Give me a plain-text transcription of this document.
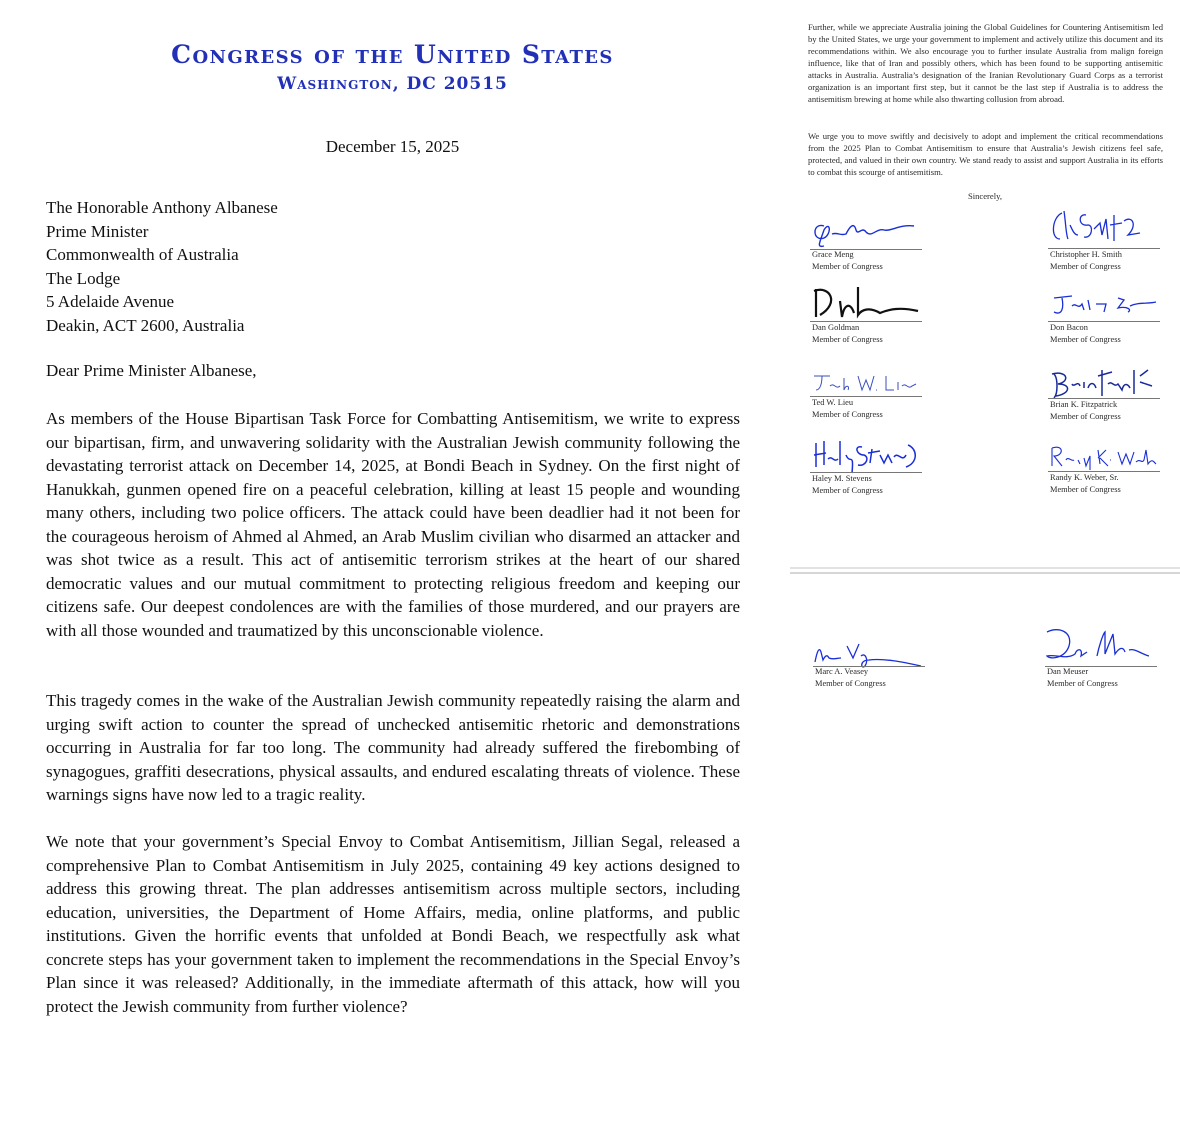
Congress of the United States
Washington, DC 20515
December 15, 2025
The Honorable Anthony Albanese
Prime Minister
Commonwealth of Australia
The Lodge
5 Adelaide Avenue
Deakin, ACT 2600, Australia
Dear Prime Minister Albanese,
As members of the House Bipartisan Task Force for Combatting Antisemitism, we write to express our bipartisan, firm, and unwavering solidarity with the Australian Jewish community following the devastating terrorist attack on December 14, 2025, at Bondi Beach in Sydney. On the first night of Hanukkah, gunmen opened fire on a peaceful celebration, killing at least 15 people and wounding many others, including two police officers. The attack could have been deadlier had it not been for the courageous heroism of Ahmed al Ahmed, an Arab Muslim civilian who disarmed an attacker and was shot twice as a result. This act of antisemitic terrorism strikes at the heart of our shared democratic values and our mutual commitment to protecting religious freedom and keeping our citizens safe. Our deepest condolences are with the families of those murdered, and our prayers are with all those wounded and traumatized by this unconscionable violence.
This tragedy comes in the wake of the Australian Jewish community repeatedly raising the alarm and urging swift action to counter the spread of unchecked antisemitic rhetoric and demonstrations occurring in Australia for far too long. The community had already suffered the firebombing of synagogues, graffiti desecrations, physical assaults, and endured escalating threats of violence. These warnings signs have now led to a tragic reality.
We note that your government’s Special Envoy to Combat Antisemitism, Jillian Segal, released a comprehensive Plan to Combat Antisemitism in July 2025, containing 49 key actions designed to address this growing threat. The plan addresses antisemitism across multiple sectors, including education, universities, the Department of Home Affairs, media, online platforms, and public institutions. Given the horrific events that unfolded at Bondi Beach, we respectfully ask what concrete steps has your government taken to implement the recommendations in the Special Envoy’s Plan since it was released? Additionally, in the immediate aftermath of this attack, how will you protect the Jewish community from further violence?
Further, while we appreciate Australia joining the Global Guidelines for Countering Antisemitism led by the United States, we urge your government to implement and actively utilize this document and its recommendations within. We also encourage you to further insulate Australia from malign foreign influence, like that of Iran and possibly others, which has been found to be supporting antisemitic attacks in Australia. Australia’s designation of the Iranian Revolutionary Guard Corps as a terrorist organization is an important first step, but it cannot be the last step if Australia is to address the antisemitism brewing at home while also thwarting collusion from abroad.
We urge you to move swiftly and decisively to adopt and implement the critical recommendations from the 2025 Plan to Combat Antisemitism to ensure that Australia’s Jewish citizens feel safe, protected, and valued in their own country. We stand ready to assist and support Australia in its efforts to combat this scourge of antisemitism.
Sincerely,
Grace Meng
Member of Congress
Christopher H. Smith
Member of Congress
Dan Goldman
Member of Congress
Don Bacon
Member of Congress
Ted W. Lieu
Member of Congress
Brian K. Fitzpatrick
Member of Congress
Haley M. Stevens
Member of Congress
Randy K. Weber, Sr.
Member of Congress
Marc A. Veasey
Member of Congress
Dan Meuser
Member of Congress
